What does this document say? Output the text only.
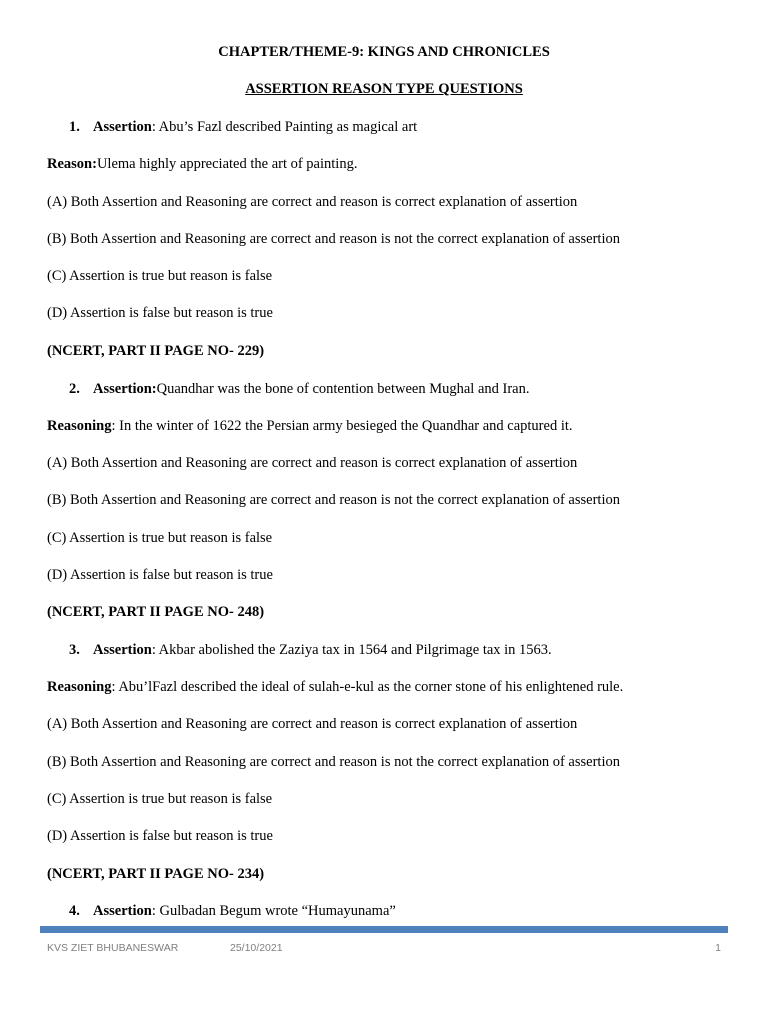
CHAPTER/THEME-9: KINGS AND CHRONICLES
ASSERTION REASON TYPE QUESTIONS
1. Assertion: Abu’s Fazl described Painting as magical art
Reason:Ulema highly appreciated the art of painting.
(A) Both Assertion and Reasoning are correct and reason is correct explanation of assertion
(B) Both Assertion and Reasoning are correct and reason is not the correct explanation of assertion
(C) Assertion is true but reason is false
(D) Assertion is false but reason is true
(NCERT, PART II PAGE NO- 229)
2. Assertion:Quandhar was the bone of contention between Mughal and Iran.
Reasoning: In the winter of 1622 the Persian army besieged the Quandhar and captured it.
(A) Both Assertion and Reasoning are correct and reason is correct explanation of assertion
(B) Both Assertion and Reasoning are correct and reason is not the correct explanation of assertion
(C) Assertion is true but reason is false
(D) Assertion is false but reason is true
(NCERT, PART II PAGE NO- 248)
3. Assertion: Akbar abolished the Zaziya tax in 1564 and Pilgrimage tax in 1563.
Reasoning: Abu’lFazl described the ideal of sulah-e-kul as the corner stone of his enlightened rule.
(A) Both Assertion and Reasoning are correct and reason is correct explanation of assertion
(B) Both Assertion and Reasoning are correct and reason is not the correct explanation of assertion
(C) Assertion is true but reason is false
(D) Assertion is false but reason is true
(NCERT, PART II PAGE NO- 234)
4. Assertion: Gulbadan Begum wrote “Humayunama”
KVS ZIET BHUBANESWAR	25/10/2021	1
